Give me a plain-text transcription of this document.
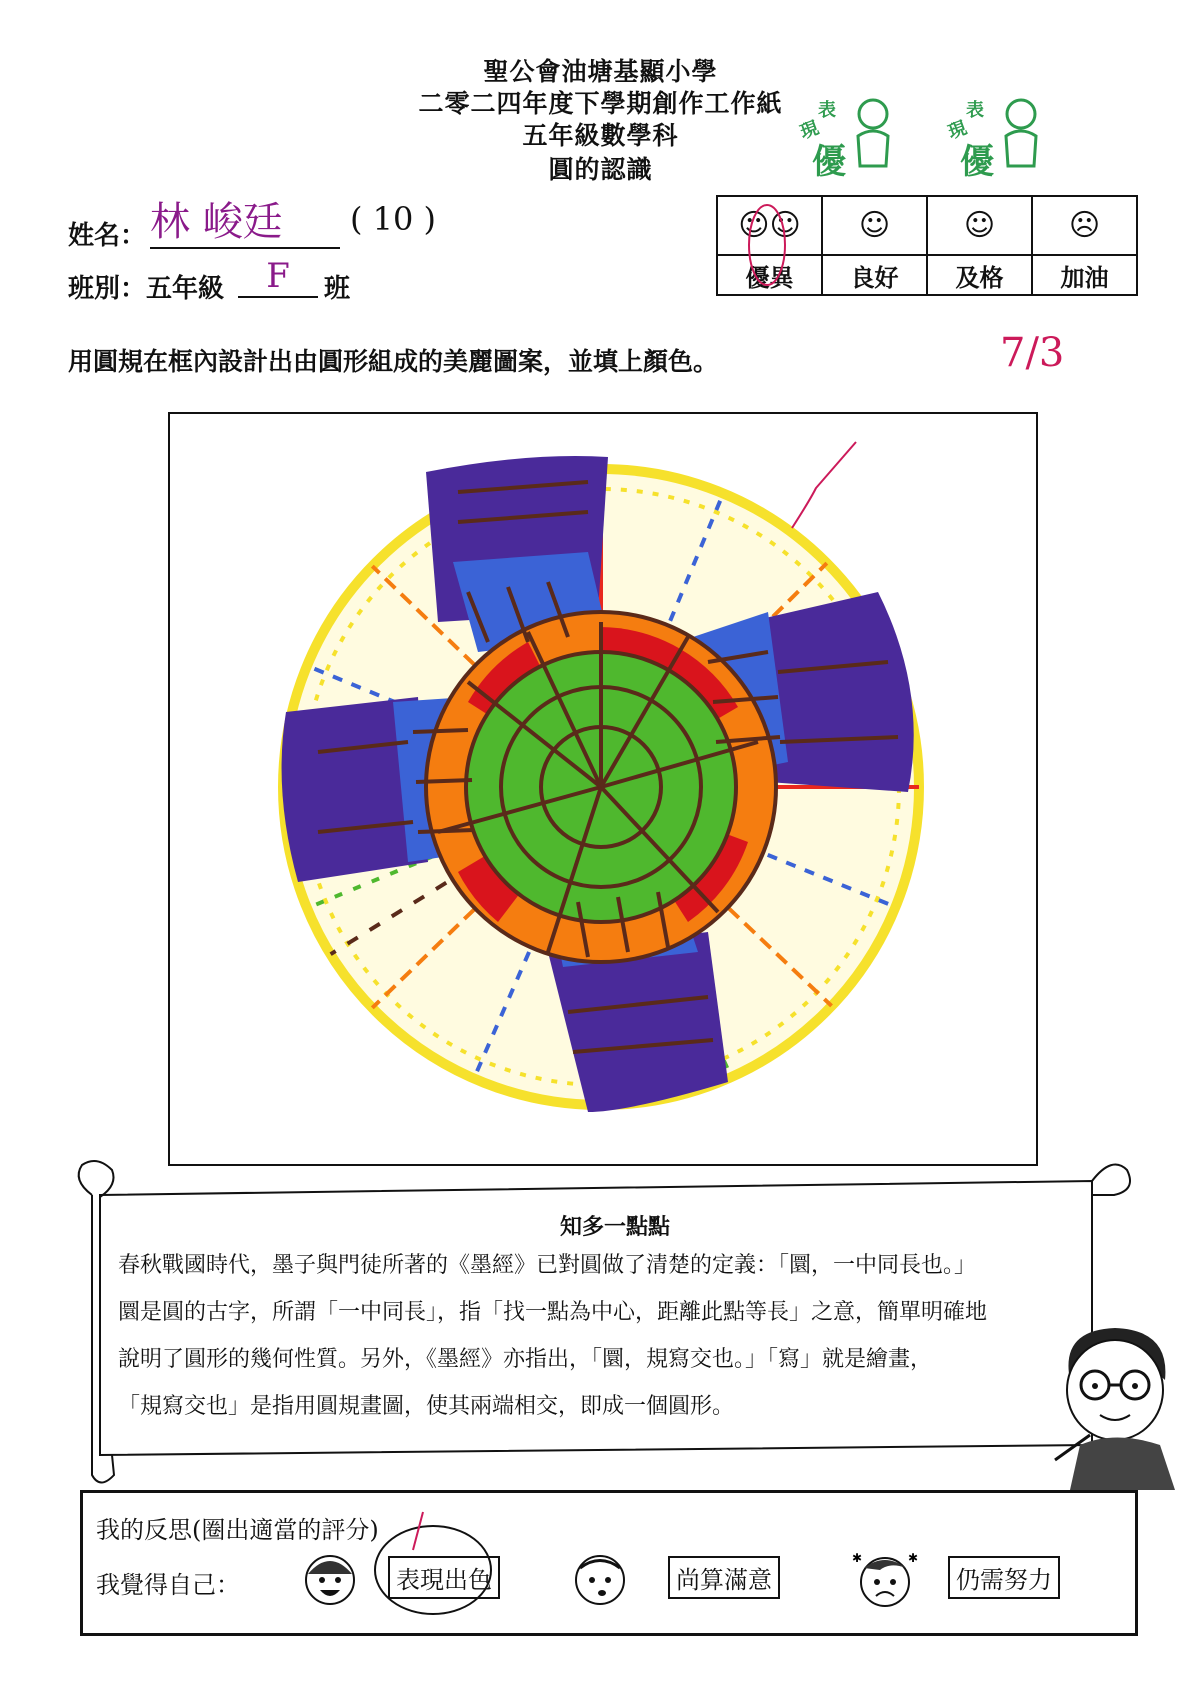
聖公會油塘基顯小學
二零二四年度下學期創作工作紙
五年級數學科
圓的認識
現
表
優
現
表
優
姓名： 林 峻廷	( 10 )
班別：五年級	F	班
☺☺	☺	☺	☹
優異	良好	及格	加油
用圓規在框內設計出由圓形組成的美麗圖案，並填上顏色。	7/3
知多一點點
春秋戰國時代，墨子與門徒所著的《墨經》已對圓做了清楚的定義：「圜，一中同長也。」
圜是圓的古字，所謂「一中同長」，指「找一點為中心，距離此點等長」之意，簡單明確地
說明了圓形的幾何性質。另外，《墨經》亦指出，「圜，規寫交也。」「寫」就是繪畫，
「規寫交也」是指用圓規畫圖，使其兩端相交，即成一個圓形。
我的反思(圈出適當的評分)
我覺得自己：	表現出色	尚算滿意
✱	✱
仍需努力
